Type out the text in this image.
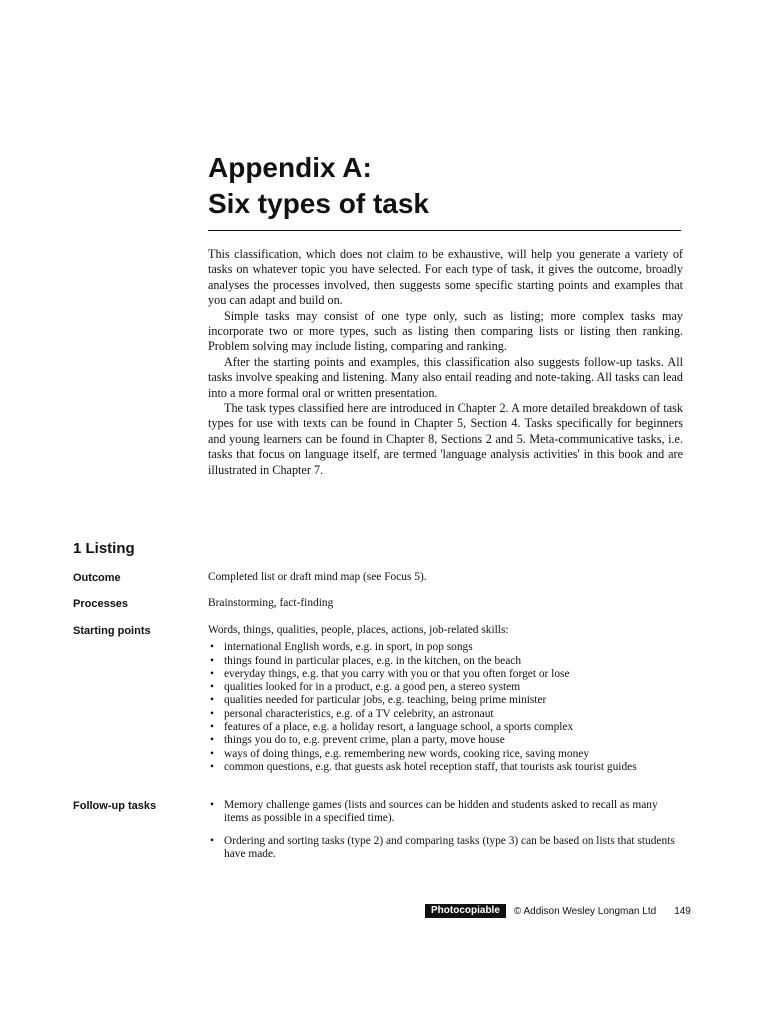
Appendix A:
Six types of task

This classification, which does not claim to be exhaustive, will help you generate a variety of tasks on whatever topic you have selected. For each type of task, it gives the outcome, broadly analyses the processes involved, then suggests some specific starting points and examples that you can adapt and build on.

Simple tasks may consist of one type only, such as listing; more complex tasks may incorporate two or more types, such as listing then comparing lists or listing then ranking. Problem solving may include listing, comparing and ranking.

After the starting points and examples, this classification also suggests follow-up tasks. All tasks involve speaking and listening. Many also entail reading and note-taking. All tasks can lead into a more formal oral or written presentation.

The task types classified here are introduced in Chapter 2. A more detailed breakdown of task types for use with texts can be found in Chapter 5, Section 4. Tasks specifically for beginners and young learners can be found in Chapter 8, Sections 2 and 5. Meta-communicative tasks, i.e. tasks that focus on language itself, are termed 'language analysis activities' in this book and are illustrated in Chapter 7.

1 Listing
Outcome	Completed list or draft mind map (see Focus 5).
Processes	Brainstorming, fact-finding
Starting points	Words, things, qualities, people, places, actions, job-related skills:
• international English words, e.g. in sport, in pop songs
• things found in particular places, e.g. in the kitchen, on the beach
• everyday things, e.g. that you carry with you or that you often forget or lose
• qualities looked for in a product, e.g. a good pen, a stereo system
• qualities needed for particular jobs, e.g. teaching, being prime minister
• personal characteristics, e.g. of a TV celebrity, an astronaut
• features of a place, e.g. a holiday resort, a language school, a sports complex
• things you do to, e.g. prevent crime, plan a party, move house
• ways of doing things, e.g. remembering new words, cooking rice, saving money
• common questions, e.g. that guests ask hotel reception staff, that tourists ask tourist guides
Follow-up tasks
•	Memory challenge games (lists and sources can be hidden and students asked to recall as many items as possible in a specified time).
• Ordering and sorting tasks (type 2) and comparing tasks (type 3) can be based on lists that students have made.
Photocopiable	© Addison Wesley Longman Ltd 149
